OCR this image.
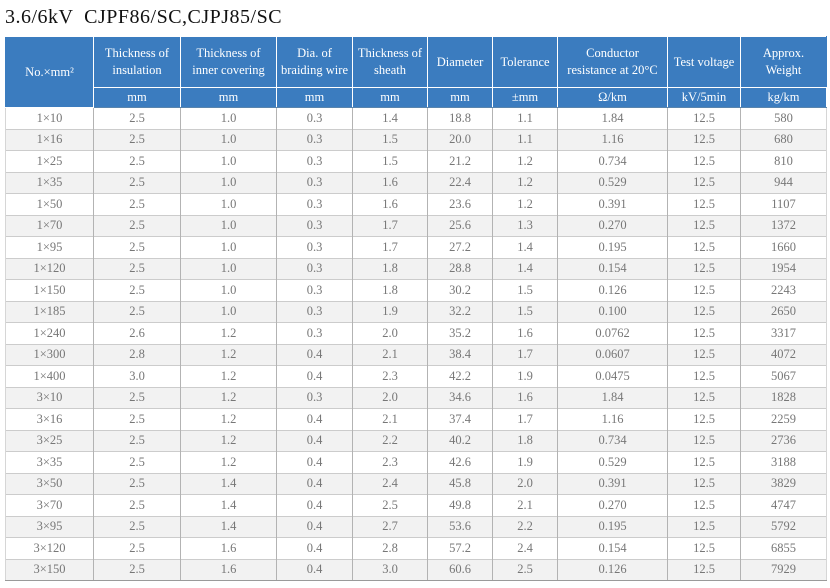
3.6/6kV  CJPF86/SC,CJPJ85/SC
No.×mm²	Thickness of insulation	Thickness of inner covering	Dia. of braiding wire	Thickness of sheath	Diameter	Tolerance	Conductor resistance at 20°C	Test voltage	Approx. Weight
	mm	mm	mm	mm	mm	±mm	Ω/km	kV/5min	kg/km
1×10	2.5	1.0	0.3	1.4	18.8	1.1	1.84	12.5	580
1×16	2.5	1.0	0.3	1.5	20.0	1.1	1.16	12.5	680
1×25	2.5	1.0	0.3	1.5	21.2	1.2	0.734	12.5	810
1×35	2.5	1.0	0.3	1.6	22.4	1.2	0.529	12.5	944
1×50	2.5	1.0	0.3	1.6	23.6	1.2	0.391	12.5	1107
1×70	2.5	1.0	0.3	1.7	25.6	1.3	0.270	12.5	1372
1×95	2.5	1.0	0.3	1.7	27.2	1.4	0.195	12.5	1660
1×120	2.5	1.0	0.3	1.8	28.8	1.4	0.154	12.5	1954
1×150	2.5	1.0	0.3	1.8	30.2	1.5	0.126	12.5	2243
1×185	2.5	1.0	0.3	1.9	32.2	1.5	0.100	12.5	2650
1×240	2.6	1.2	0.3	2.0	35.2	1.6	0.0762	12.5	3317
1×300	2.8	1.2	0.4	2.1	38.4	1.7	0.0607	12.5	4072
1×400	3.0	1.2	0.4	2.3	42.2	1.9	0.0475	12.5	5067
3×10	2.5	1.2	0.3	2.0	34.6	1.6	1.84	12.5	1828
3×16	2.5	1.2	0.4	2.1	37.4	1.7	1.16	12.5	2259
3×25	2.5	1.2	0.4	2.2	40.2	1.8	0.734	12.5	2736
3×35	2.5	1.2	0.4	2.3	42.6	1.9	0.529	12.5	3188
3×50	2.5	1.4	0.4	2.4	45.8	2.0	0.391	12.5	3829
3×70	2.5	1.4	0.4	2.5	49.8	2.1	0.270	12.5	4747
3×95	2.5	1.4	0.4	2.7	53.6	2.2	0.195	12.5	5792
3×120	2.5	1.6	0.4	2.8	57.2	2.4	0.154	12.5	6855
3×150	2.5	1.6	0.4	3.0	60.6	2.5	0.126	12.5	7929
